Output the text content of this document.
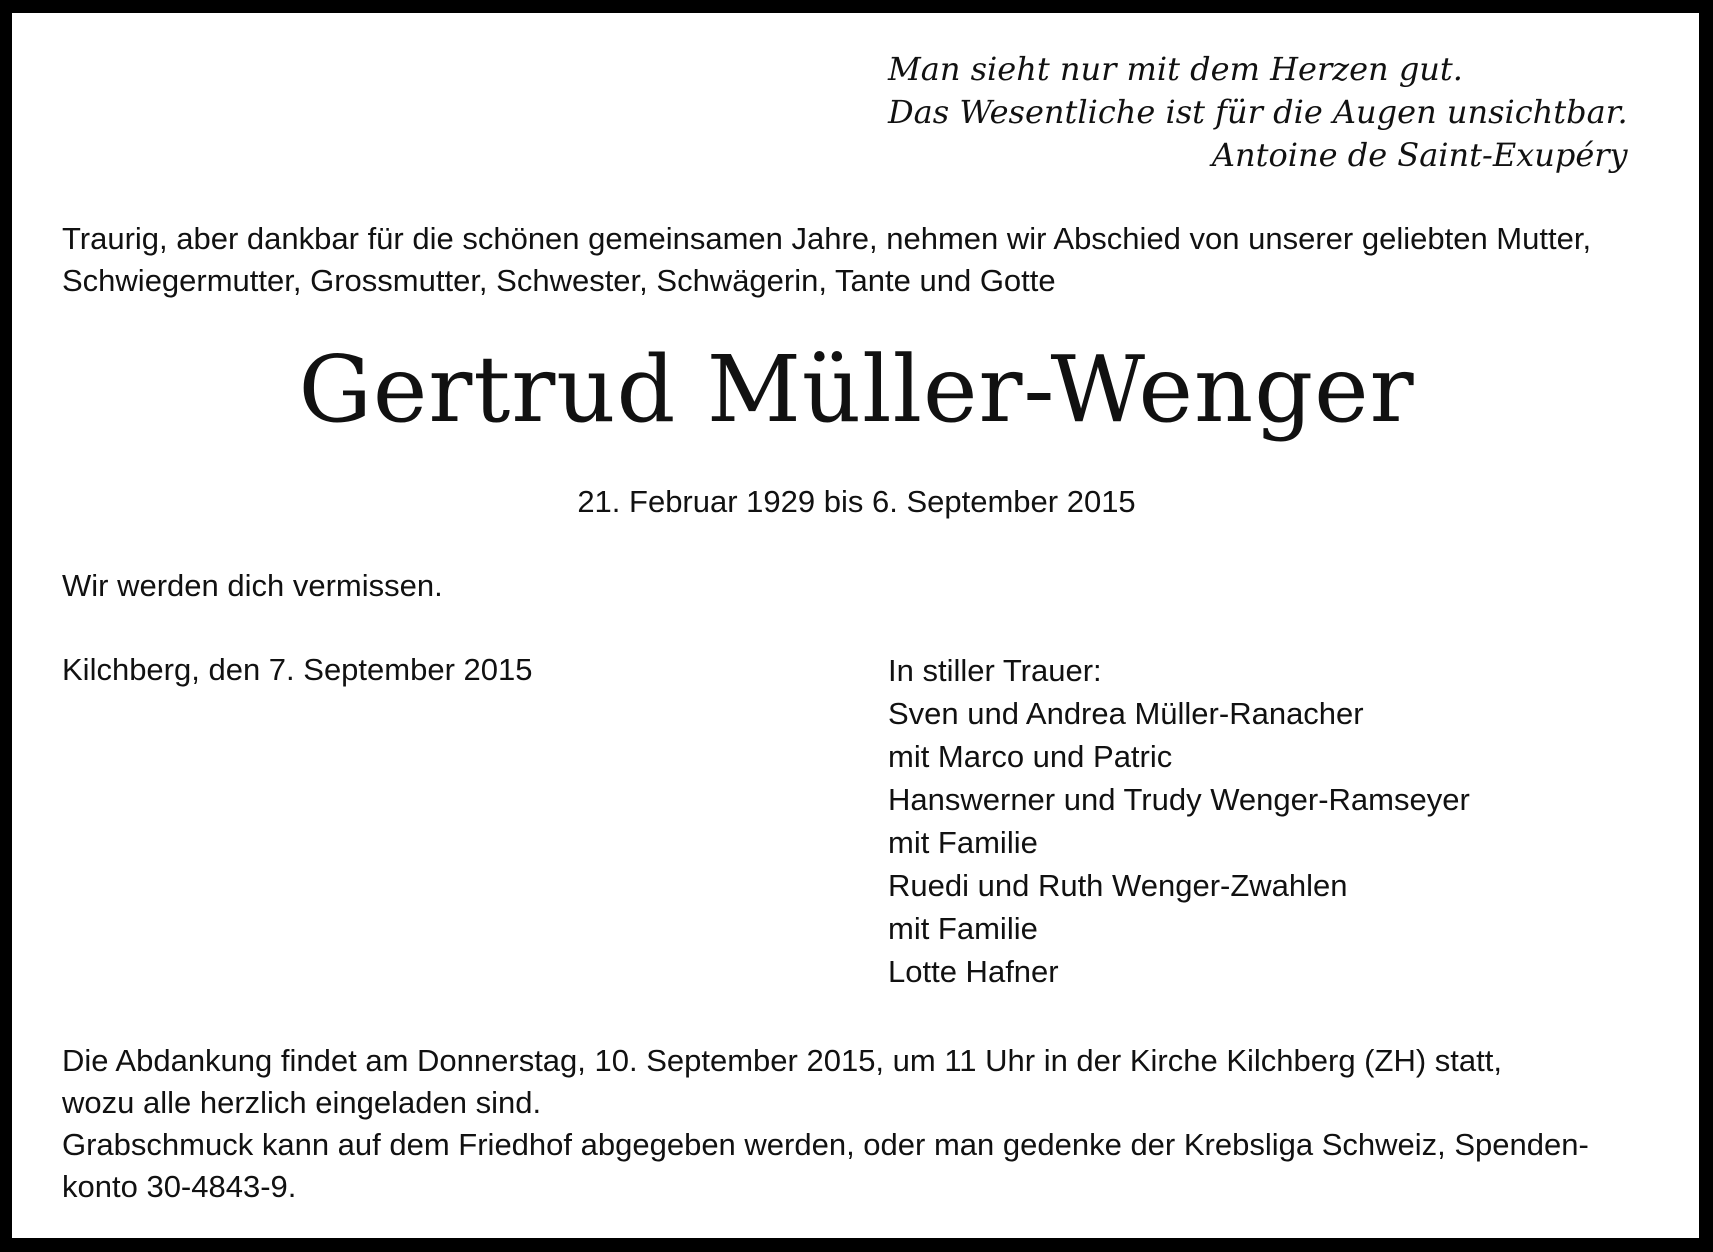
Man sieht nur mit dem Herzen gut.
Das Wesentliche ist für die Augen unsichtbar.
Antoine de Saint-Exupéry
Traurig, aber dankbar für die schönen gemeinsamen Jahre, nehmen wir Abschied von unserer geliebten Mutter,
Schwiegermutter, Grossmutter, Schwester, Schwägerin, Tante und Gotte
Gertrud Müller-Wenger
21. Februar 1929 bis 6. September 2015
Wir werden dich vermissen.
Kilchberg, den 7. September 2015	In stiller Trauer:
Sven und Andrea Müller-Ranacher
mit Marco und Patric
Hanswerner und Trudy Wenger-Ramseyer
mit Familie
Ruedi und Ruth Wenger-Zwahlen
mit Familie
Lotte Hafner
Die Abdankung findet am Donnerstag, 10. September 2015, um 11 Uhr in der Kirche Kilchberg (ZH) statt,
wozu alle herzlich eingeladen sind.
Grabschmuck kann auf dem Friedhof abgegeben werden, oder man gedenke der Krebsliga Schweiz, Spenden-
konto 30-4843-9.
